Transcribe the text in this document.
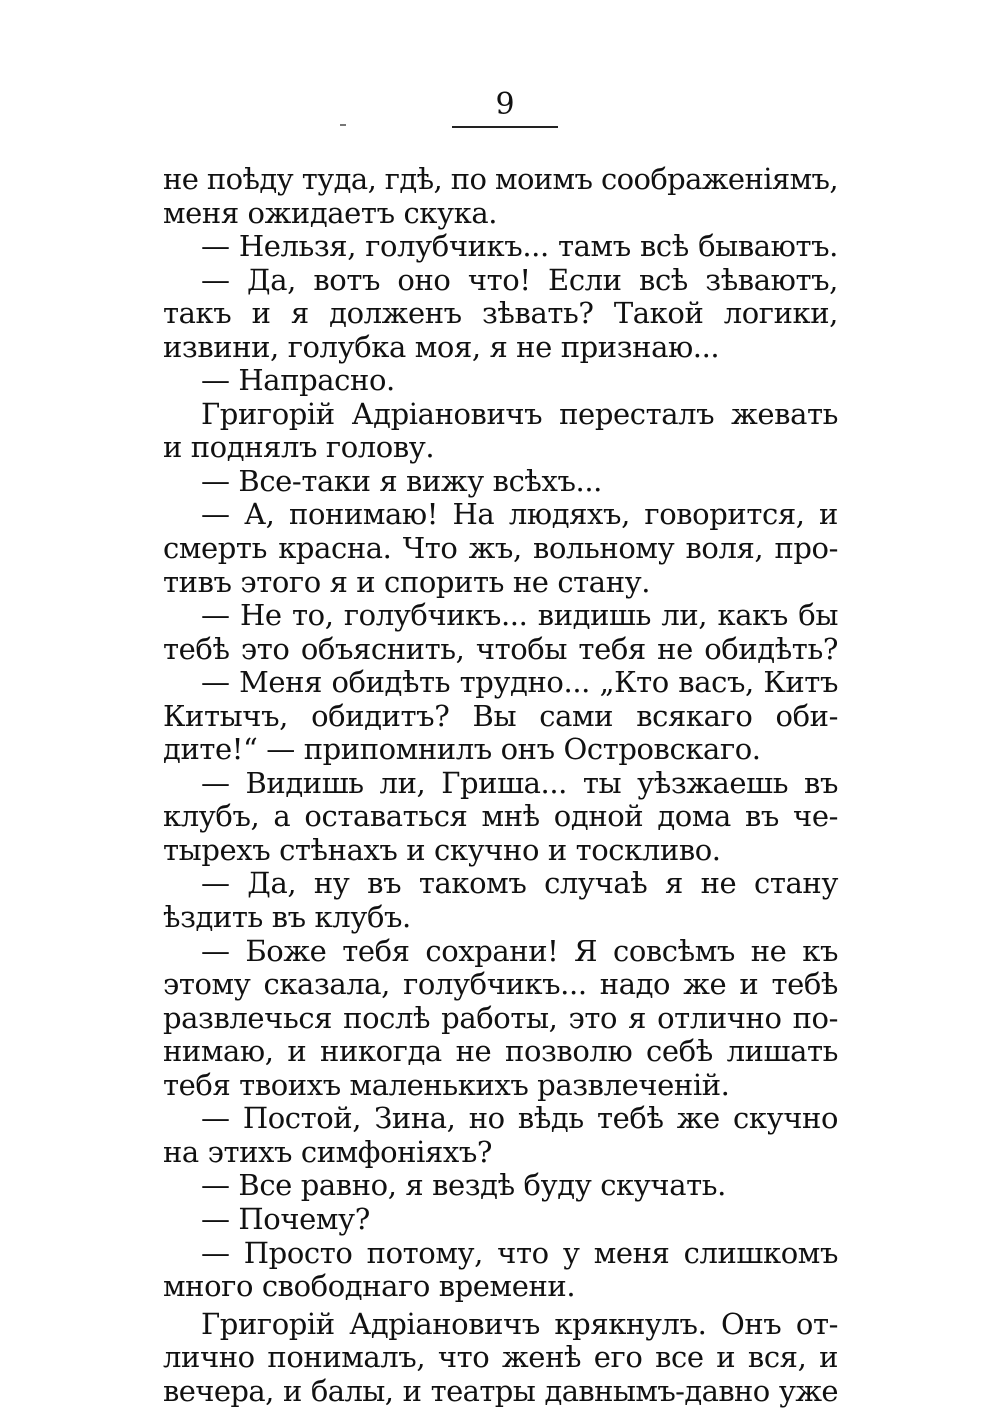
9
не поѣду туда, гдѣ, по моимъ соображеніямъ,
меня ожидаетъ скука.
— Нельзя, голубчикъ... тамъ всѣ бываютъ.
— Да, вотъ оно что! Если всѣ зѣваютъ,
такъ и я долженъ зѣвать? Такой логики,
извини, голубка моя, я не признаю...
— Напрасно.
Григорій Адріановичъ пересталъ жевать
и поднялъ голову.
— Все-таки я вижу всѣхъ...
— А, понимаю! На людяхъ, говорится, и
смерть красна. Что жъ, вольному воля, про-
тивъ этого я и спорить не стану.
— Не то, голубчикъ... видишь ли, какъ бы
тебѣ это объяснить, чтобы тебя не обидѣть?
— Меня обидѣть трудно... „Кто васъ, Китъ
Китычъ, обидитъ? Вы сами всякаго оби-
дите!“ — припомнилъ онъ Островскаго.
— Видишь ли, Гриша... ты уѣзжаешь въ
клубъ, а оставаться мнѣ одной дома въ че-
тырехъ стѣнахъ и скучно и тоскливо.
— Да, ну въ такомъ случаѣ я не стану
ѣздить въ клубъ.
— Боже тебя сохрани! Я совсѣмъ не къ
этому сказала, голубчикъ... надо же и тебѣ
развлечься послѣ работы, это я отлично по-
нимаю, и никогда не позволю себѣ лишать
тебя твоихъ маленькихъ развлеченій.
— Постой, Зина, но вѣдь тебѣ же скучно
на этихъ симфоніяхъ?
— Все равно, я вездѣ буду скучать.
— Почему?
— Просто потому, что у меня слишкомъ
много свободнаго времени.
Григорій Адріановичъ крякнулъ. Онъ от-
лично понималъ, что женѣ его все и вся, и
вечера, и балы, и театры давнымъ-давно уже
